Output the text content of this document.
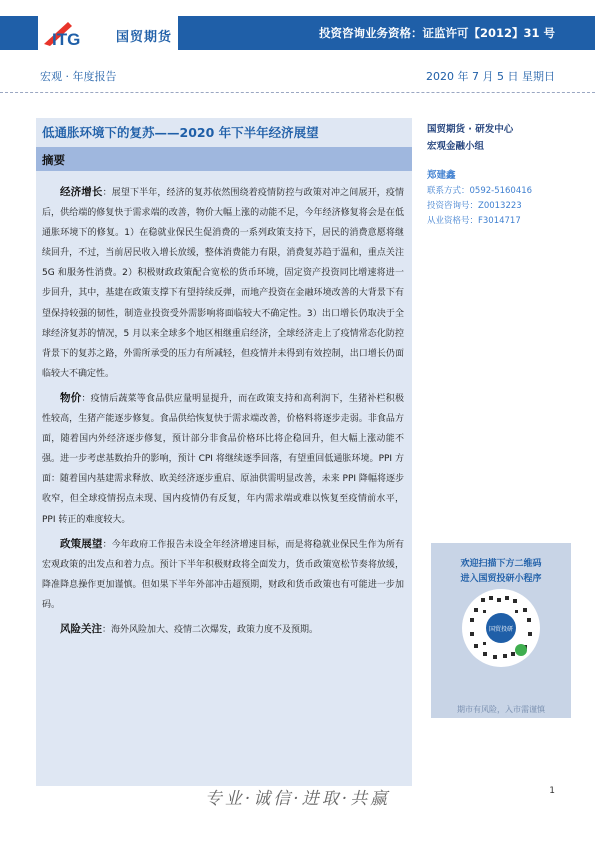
ITG	国贸期货	投资咨询业务资格：证监许可【2012】31 号
宏观 · 年度报告	2020 年 7 月 5 日 星期日
低通胀环境下的复苏——2020 年下半年经济展望
摘要

经济增长：展望下半年，经济的复苏依然围绕着疫情防控与政策对冲之间展开，疫情后，供给端的修复快于需求端的改善，物价大幅上涨的动能不足，今年经济修复将会是在低通胀环境下的修复。1）在稳就业保民生促消费的一系列政策支持下，居民的消费意愿将继续回升，不过，当前居民收入增长放缓，整体消费能力有限，消费复苏趋于温和，重点关注 5G 和服务性消费。2）积极财政政策配合宽松的货币环境，固定资产投资同比增速将进一步回升，其中，基建在政策支撑下有望持续反弹，而地产投资在金融环境改善的大背景下有望保持较强的韧性，制造业投资受外需影响将面临较大不确定性。3）出口增长仍取决于全球经济复苏的情况，5 月以来全球多个地区相继重启经济，全球经济走上了疫情常态化防控背景下的复苏之路，外需所承受的压力有所减轻，但疫情并未得到有效控制，出口增长仍面临较大不确定性。

物价：疫情后蔬菜等食品供应量明显提升，而在政策支持和高利润下，生猪补栏积极性较高，生猪产能逐步修复。食品供给恢复快于需求端改善，价格料将逐步走弱。非食品方面，随着国内外经济逐步修复，预计部分非食品价格环比将企稳回升，但大幅上涨动能不强。进一步考虑基数抬升的影响，预计 CPI 将继续逐季回落，有望重回低通胀环境。PPI 方面：随着国内基建需求释放、欧美经济逐步重启、原油供需明显改善，未来 PPI 降幅将逐步收窄，但全球疫情拐点未现、国内疫情仍有反复，年内需求端或难以恢复至疫情前水平，PPI 转正的难度较大。

政策展望：今年政府工作报告未设全年经济增速目标，而是将稳就业保民生作为所有宏观政策的出发点和着力点。预计下半年积极财政将全面发力，货币政策宽松节奏将放缓，降准降息操作更加谨慎。但如果下半年外部冲击超预期，财政和货币政策也有可能进一步加码。

风险关注：海外风险加大、疫情二次爆发，政策力度不及预期。

国贸期货 · 研发中心
宏观金融小组
郑建鑫
联系方式：0592-5160416
投资咨询号：Z0013223
从业资格号：F3014717
欢迎扫描下方二维码
进入国贸投研小程序
国贸投研
期市有风险，入市需谨慎
专业·诚信·进取·共赢	1
